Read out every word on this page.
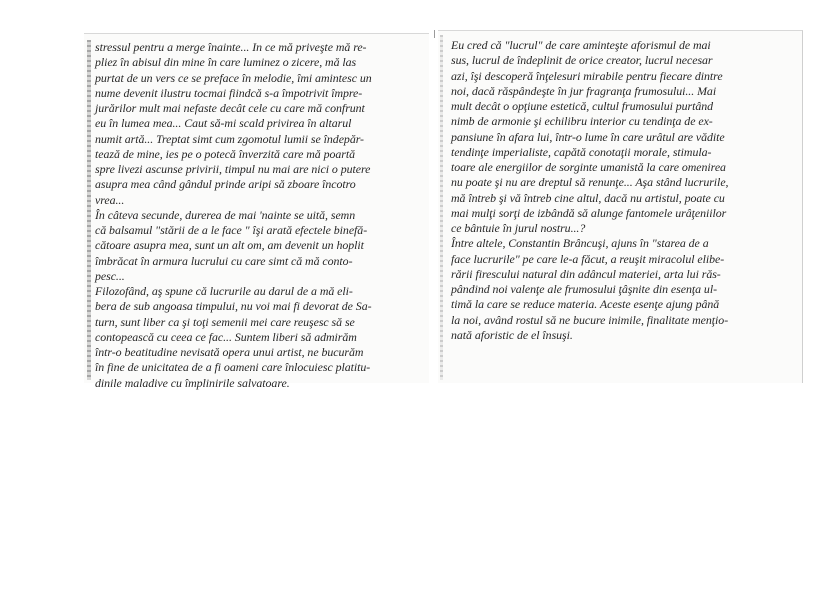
stressul pentru a merge înainte... In ce mă priveşte mă re-
pliez în abisul din mine în care luminez o zicere, mă las
purtat de un vers ce se preface în melodie, îmi amintesc un
nume devenit ilustru tocmai fiindcă s-a împotrivit împre-
jurărilor mult mai nefaste decât cele cu care mă confrunt
eu în lumea mea... Caut să-mi scald privirea în altarul
numit artă... Treptat simt cum zgomotul lumii se îndepăr-
tează de mine, ies pe o potecă înverzită care mă poartă
spre livezi ascunse privirii, timpul nu mai are nici o putere
asupra mea când gândul prinde aripi să zboare încotro
vrea...
În câteva secunde, durerea de mai 'nainte se uită, semn
că balsamul "stării de a le face " îşi arată efectele binefă-
cătoare asupra mea, sunt un alt om, am devenit un hoplit
îmbrăcat în armura lucrului cu care simt că mă conto-
pesc...
Filozofând, aş spune că lucrurile au darul de a mă eli-
bera de sub angoasa timpului, nu voi mai fi devorat de Sa-
turn, sunt liber ca şi toţi semenii mei care reuşesc să se
contopească cu ceea ce fac... Suntem liberi să admirăm
într-o beatitudine nevisată opera unui artist, ne bucurăm
în fine de unicitatea de a fi oameni care înlocuiesc platitu-
dinile maladive cu împlinirile salvatoare.
Eu cred că "lucrul" de care aminteşte aforismul de mai
sus, lucrul de îndeplinit de orice creator, lucrul necesar
azi, îşi descoperă înţelesuri mirabile pentru fiecare dintre
noi, dacă răspândeşte în jur fragranţa frumosului... Mai
mult decât o opţiune estetică, cultul frumosului purtând
nimb de armonie şi echilibru interior cu tendinţa de ex-
pansiune în afara lui, într-o lume în care urâtul are vădite
tendinţe imperialiste, capătă conotaţii morale, stimula-
toare ale energiilor de sorginte umanistă la care omenirea
nu poate şi nu are dreptul să renunţe... Aşa stând lucrurile,
mă întreb şi vă întreb cine altul, dacă nu artistul, poate cu
mai mulţi sorţi de izbândă să alunge fantomele urâţeniilor
ce bântuie în jurul nostru...?
Între altele, Constantin Brâncuşi, ajuns în "starea de a
face lucrurile" pe care le-a făcut, a reuşit miracolul elibe-
rării firescului natural din adâncul materiei, arta lui răs-
pândind noi valenţe ale frumosului ţâşnite din esenţa ul-
timă la care se reduce materia. Aceste esenţe ajung până
la noi, având rostul să ne bucure inimile, finalitate menţio-
nată aforistic de el însuşi.
